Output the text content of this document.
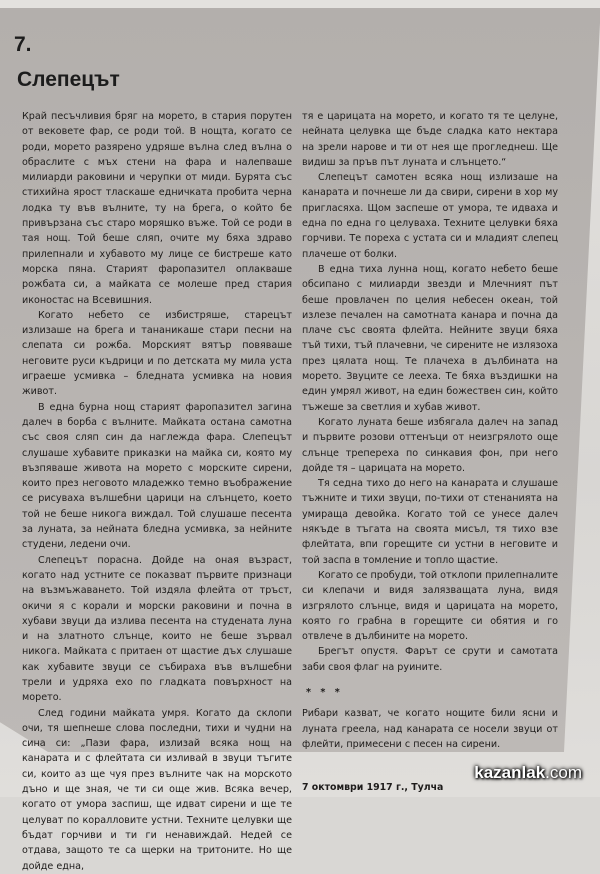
7.
Слепецът

Край песъчливия бряг на морето, в стария порутен от вековете фар, се роди той. В нощта, когато се роди, морето разярено удряше вълна след вълна о обраслите с мъх стени на фара и налепваше милиарди раковини и черупки от миди. Бурята със стихийна ярост тласкаше едничката пробита черна лодка ту във вълните, ту на брега, о който бе привързана със старо моряшко въже. Той се роди в тая нощ. Той беше сляп, очите му бяха здраво прилепнали и хубавото му лице се бистреше като морска пяна. Старият фаропазител оплакваше рожбата си, а майката се молеше пред стария иконостас на Всевишния.

Когато небето се избистряше, старецът излизаше на брега и тананикаше стари песни на слепата си рожба. Морският вятър повяваше неговите руси къдрици и по детската му мила уста играеше усмивка – бледната усмивка на новия живот.

В една бурна нощ старият фаропазител загина далеч в борба с вълните. Майката остана самотна със своя сляп син да наглежда фара. Слепецът слушаше хубавите приказки на майка си, която му възпяваше живота на морето с морските сирени, които през неговото младежко темно въображение се рисуваха вълшебни царици на слънцето, което той не беше никога виждал. Той слушаше песента за луната, за нейната бледна усмивка, за нейните студени, ледени очи.

Слепецът порасна. Дойде на оная възраст, когато над устните се показват първите признаци на възмъжаването. Той издяла флейта от тръст, окичи я с корали и морски раковини и почна в хубави звуци да излива песента на студената луна и на златното слънце, които не беше зървал никога. Майката с притаен от щастие дъх слушаше как хубавите звуци се събираха във вълшебни трели и удряха ехо по гладката повърхност на морето.

След години майката умря. Когато да склопи очи, тя шепнеше слова последни, тихи и чудни на сина си: „Пази фара, излизай всяка нощ на канарата и с флейтата си изливай в звуци тъгите си, които аз ще чуя през вълните чак на морското дъно и ще зная, че ти си още жив. Всяка вечер, когато от умора заспиш, ще идват сирени и ще те целуват по коралловите устни. Техните целувки ще бъдат горчиви и ти ги ненавиждай. Недей се отдава, защото те са щерки на тритоните. Но ще дойде една,

тя е царицата на морето, и когато тя те целуне, нейната целувка ще бъде сладка като нектара на зрели нарове и ти от нея ще прогледнеш. Ще видиш за пръв път луната и слънцето.“

Слепецът самотен всяка нощ излизаше на канарата и почнеше ли да свири, сирени в хор му пригласяха. Щом заспеше от умора, те идваха и една по една го целуваха. Техните целувки бяха горчиви. Те пореха с устата си и младият слепец плачеше от болки.

В една тиха лунна нощ, когато небето беше обсипано с милиарди звезди и Млечният път беше провлачен по целия небесен океан, той излезе печален на самотната канара и почна да плаче със своята флейта. Нейните звуци бяха тъй тихи, тъй плачевни, че сирените не излязоха през цялата нощ. Те плачеха в дълбината на морето. Звуците се лееха. Те бяха въздишки на един умрял живот, на един божествен син, който тъжеше за светлия и хубав живот.

Когато луната беше избягала далеч на запад и първите розови оттенъци от неизгрялото още слънце трепереха по синкавия фон, при него дойде тя – царицата на морето.

Тя седна тихо до него на канарата и слушаше тъжните и тихи звуци, по-тихи от стенанията на умираща девойка. Когато той се унесе далеч някъде в тъгата на своята мисъл, тя тихо взе флейтата, впи горещите си устни в неговите и той заспа в томление и топло щастие.

Когато се пробуди, той отклопи прилепналите си клепачи и видя залязващата луна, видя изгрялото слънце, видя и царицата на морето, която го грабна в горещите си обятия и го отвлече в дълбините на морето.

Брегът опустя. Фарът се срути и самотата заби своя флаг на руините.

* * *

Рибари казват, че когато нощите били ясни и луната греела, над канарата се носели звуци от флейти, примесени с песен на сирени.

7 октомври 1917 г., Тулча
kazanlak.com
